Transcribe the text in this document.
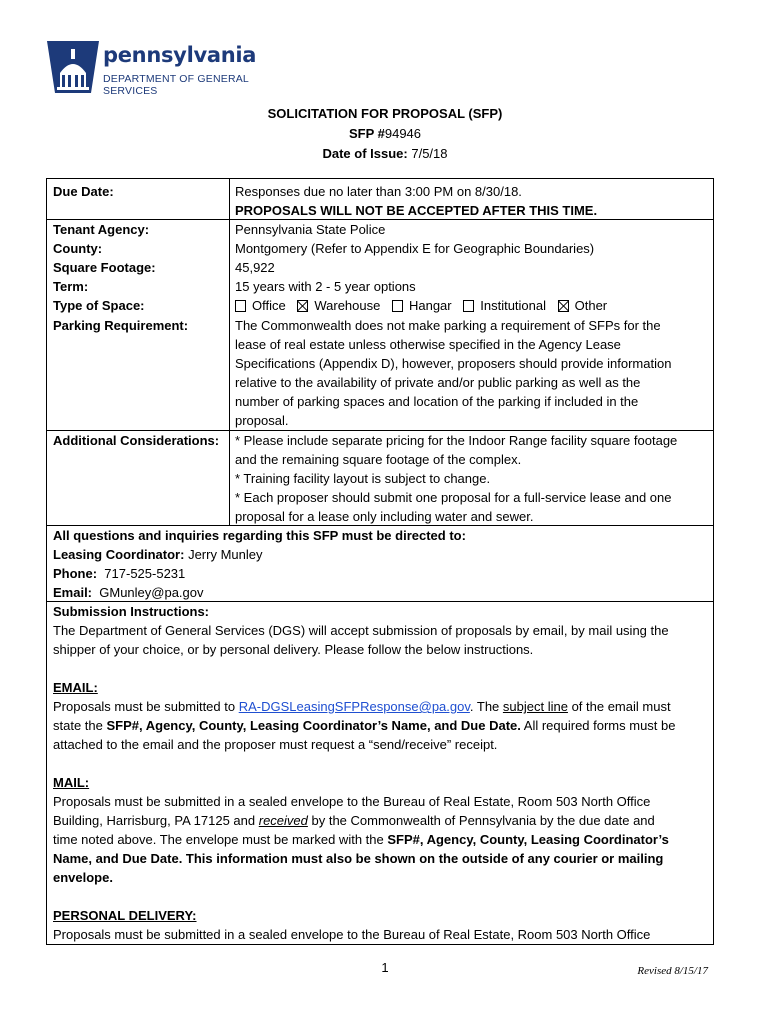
pennsylvania
DEPARTMENT OF GENERAL SERVICES
SOLICITATION FOR PROPOSAL (SFP)
SFP #94946
Date of Issue: 7/5/18
Due Date:	Responses due no later than 3:00 PM on 8/30/18.
PROPOSALS WILL NOT BE ACCEPTED AFTER THIS TIME.
Tenant Agency:	Pennsylvania State Police
County:	Montgomery (Refer to Appendix E for Geographic Boundaries)
Square Footage:	45,922
Term:	15 years with 2 - 5 year options
Type of Space:	Office Warehouse Hangar Institutional Other
Parking Requirement:	The Commonwealth does not make parking a requirement of SFPs for the
lease of real estate unless otherwise specified in the Agency Lease
Specifications (Appendix D), however, proposers should provide information
relative to the availability of private and/or public parking as well as the
number of parking spaces and location of the parking if included in the
proposal.
Additional Considerations: * Please include separate pricing for the Indoor Range facility square footage
and the remaining square footage of the complex.
* Training facility layout is subject to change.
* Each proposer should submit one proposal for a full-service lease and one
proposal for a lease only including water and sewer.
All questions and inquiries regarding this SFP must be directed to:
Leasing Coordinator: Jerry Munley
Phone: 717-525-5231
Email: GMunley@pa.gov
Submission Instructions:
The Department of General Services (DGS) will accept submission of proposals by email, by mail using the
shipper of your choice, or by personal delivery. Please follow the below instructions.
EMAIL:
Proposals must be submitted to RA-DGSLeasingSFPResponse@pa.gov. The subject line of the email must
state the SFP#, Agency, County, Leasing Coordinator’s Name, and Due Date. All required forms must be
attached to the email and the proposer must request a “send/receive” receipt.
MAIL:
Proposals must be submitted in a sealed envelope to the Bureau of Real Estate, Room 503 North Office
Building, Harrisburg, PA 17125 and received by the Commonwealth of Pennsylvania by the due date and
time noted above. The envelope must be marked with the SFP#, Agency, County, Leasing Coordinator’s
Name, and Due Date. This information must also be shown on the outside of any courier or mailing
envelope.
PERSONAL DELIVERY:
Proposals must be submitted in a sealed envelope to the Bureau of Real Estate, Room 503 North Office
1	Revised 8/15/17
